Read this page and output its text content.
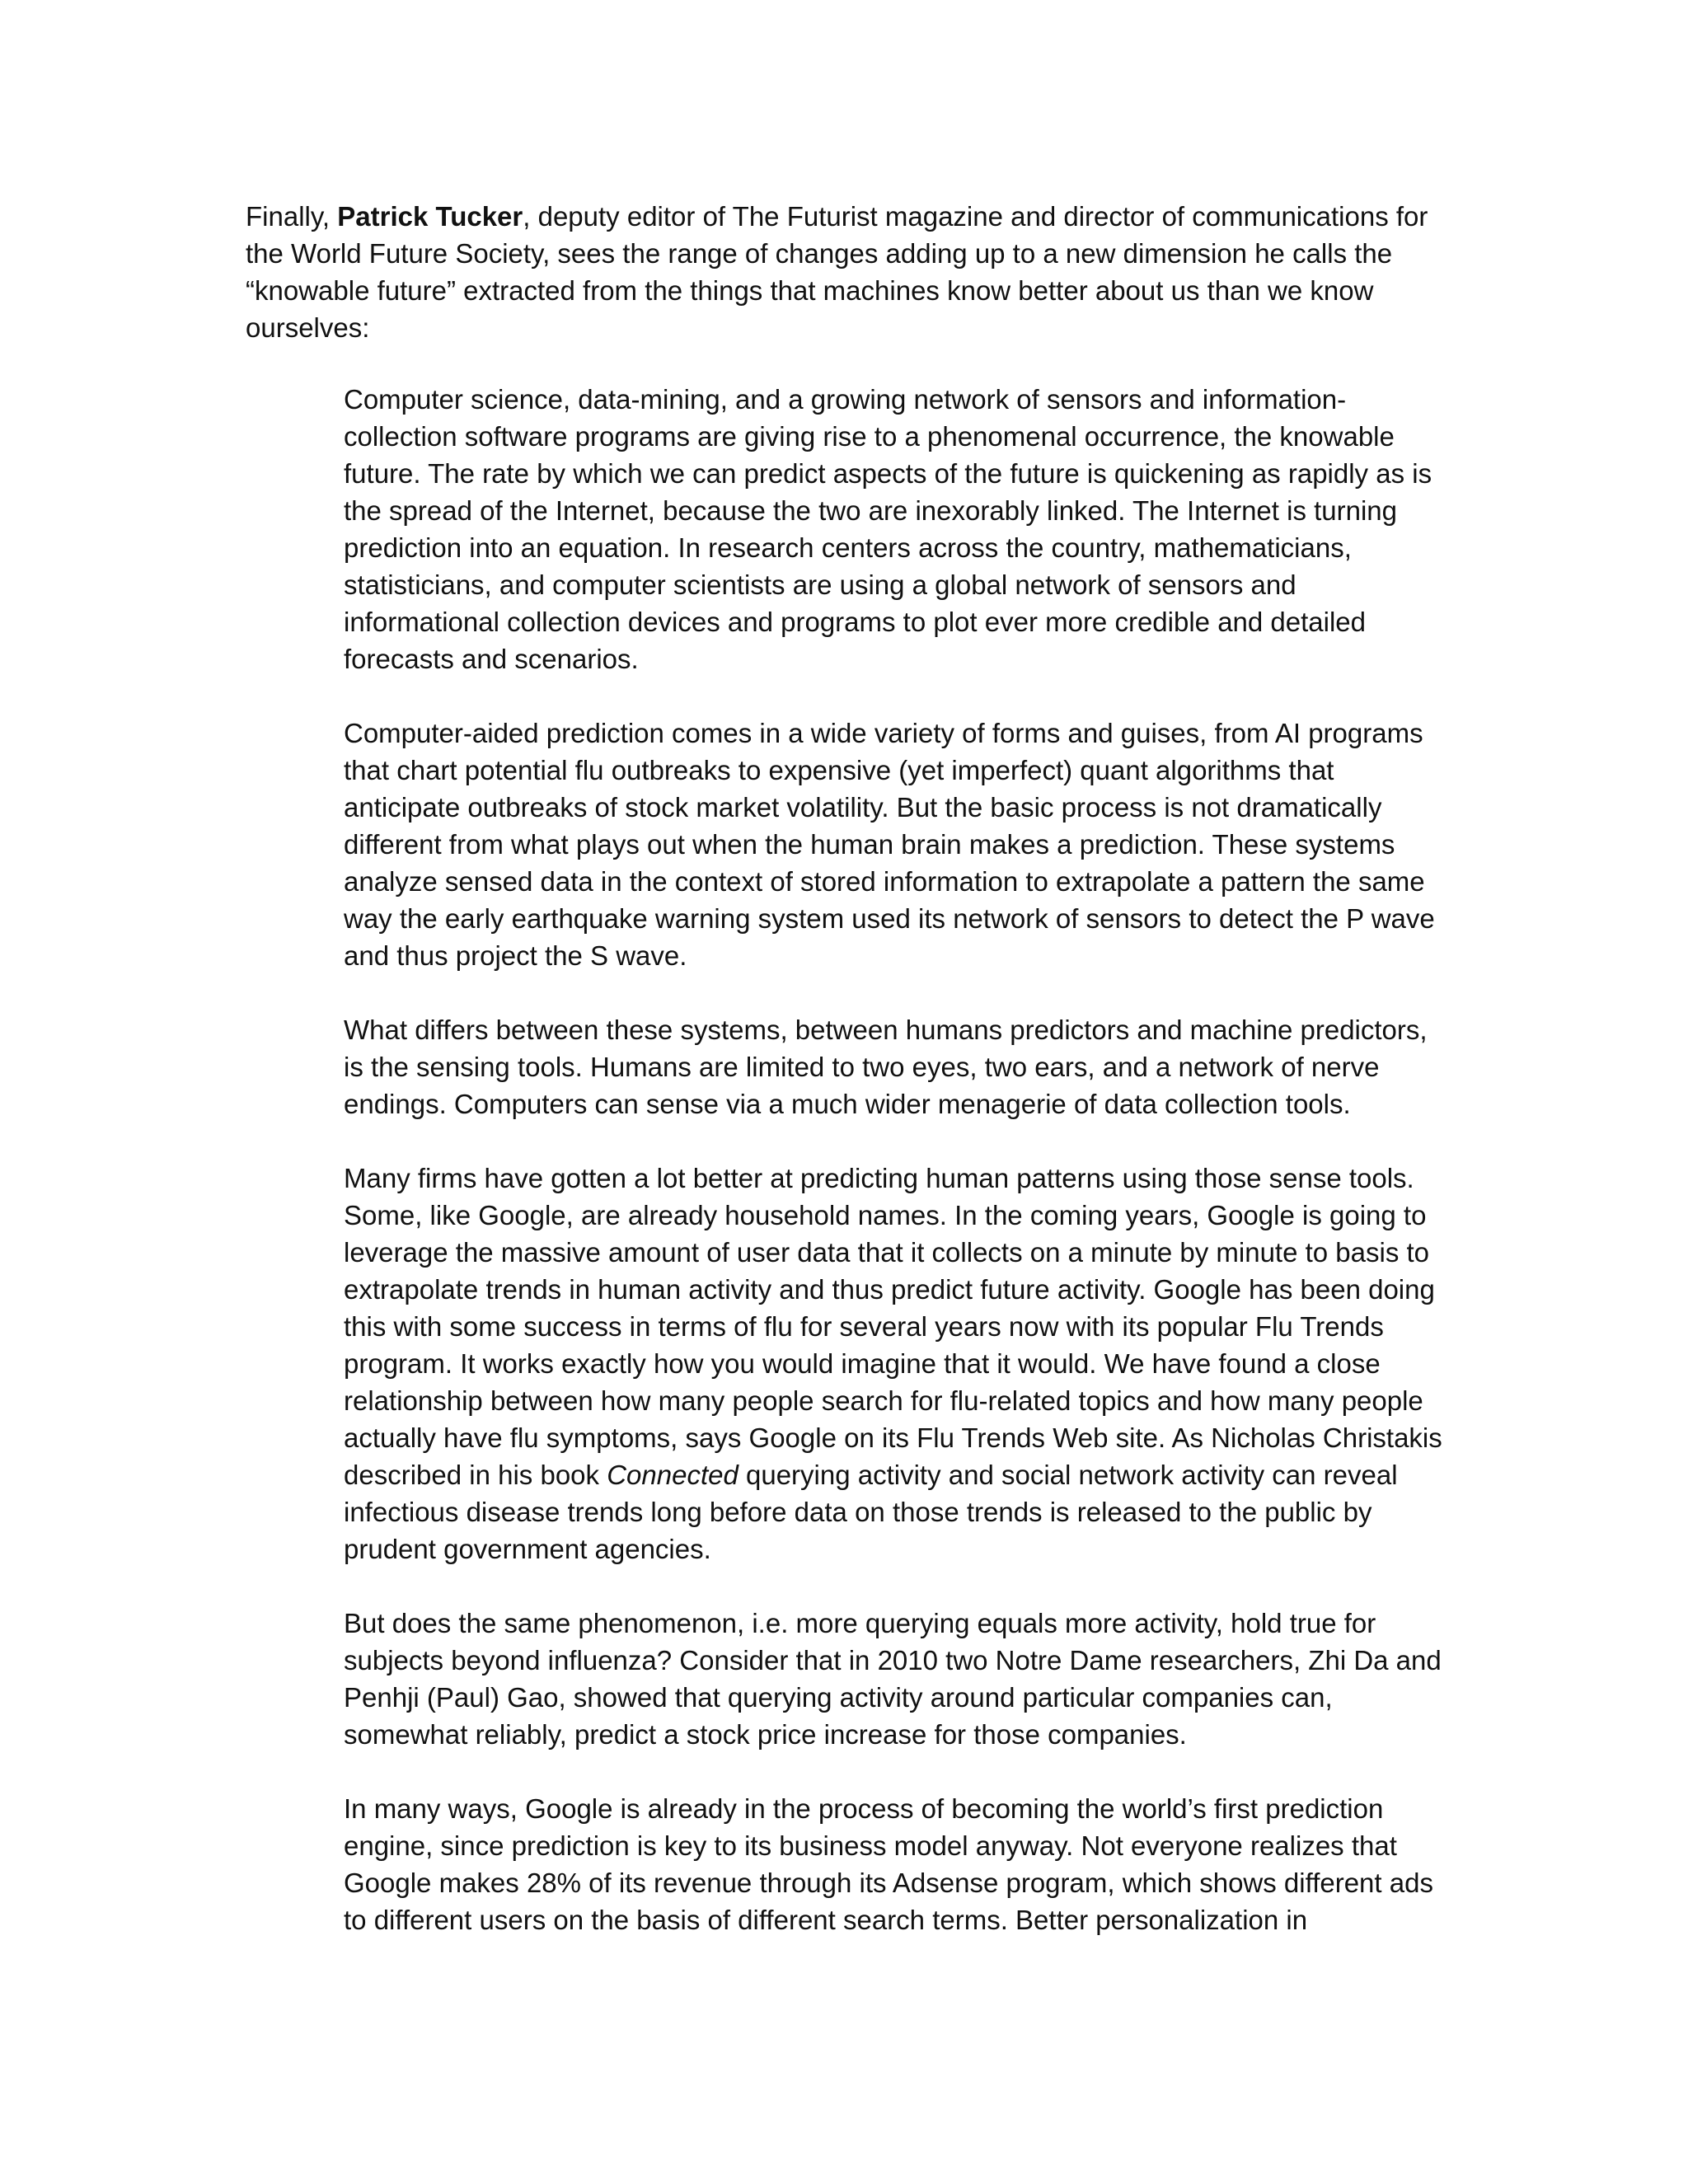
Finally, Patrick Tucker, deputy editor of The Futurist magazine and director of communications for the World Future Society, sees the range of changes adding up to a new dimension he calls the “knowable future” extracted from the things that machines know better about us than we know ourselves:

Computer science, data-mining, and a growing network of sensors and information-collection software programs are giving rise to a phenomenal occurrence, the knowable future. The rate by which we can predict aspects of the future is quickening as rapidly as is the spread of the Internet, because the two are inexorably linked. The Internet is turning prediction into an equation. In research centers across the country, mathematicians, statisticians, and computer scientists are using a global network of sensors and informational collection devices and programs to plot ever more credible and detailed forecasts and scenarios.

Computer-aided prediction comes in a wide variety of forms and guises, from AI programs that chart potential flu outbreaks to expensive (yet imperfect) quant algorithms that anticipate outbreaks of stock market volatility. But the basic process is not dramatically different from what plays out when the human brain makes a prediction. These systems analyze sensed data in the context of stored information to extrapolate a pattern the same way the early earthquake warning system used its network of sensors to detect the P wave and thus project the S wave.

What differs between these systems, between humans predictors and machine predictors, is the sensing tools. Humans are limited to two eyes, two ears, and a network of nerve endings. Computers can sense via a much wider menagerie of data collection tools.

Many firms have gotten a lot better at predicting human patterns using those sense tools. Some, like Google, are already household names. In the coming years, Google is going to leverage the massive amount of user data that it collects on a minute by minute to basis to extrapolate trends in human activity and thus predict future activity. Google has been doing this with some success in terms of flu for several years now with its popular Flu Trends program. It works exactly how you would imagine that it would. We have found a close relationship between how many people search for flu-related topics and how many people actually have flu symptoms, says Google on its Flu Trends Web site. As Nicholas Christakis described in his book Connected querying activity and social network activity can reveal infectious disease trends long before data on those trends is released to the public by prudent government agencies.

But does the same phenomenon, i.e. more querying equals more activity, hold true for subjects beyond influenza? Consider that in 2010 two Notre Dame researchers, Zhi Da and Penhji (Paul) Gao, showed that querying activity around particular companies can, somewhat reliably, predict a stock price increase for those companies.

In many ways, Google is already in the process of becoming the world’s first prediction engine, since prediction is key to its business model anyway. Not everyone realizes that Google makes 28% of its revenue through its Adsense program, which shows different ads to different users on the basis of different search terms. Better personalization in
